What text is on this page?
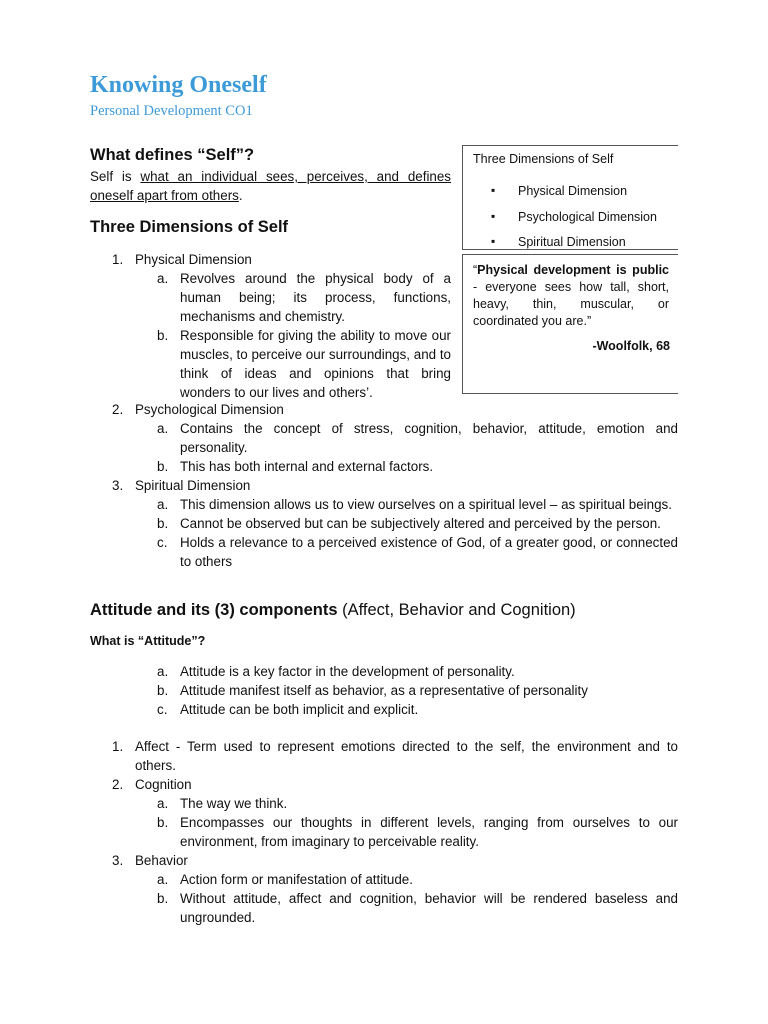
Knowing Oneself
Personal Development CO1
What defines “Self”?
Self is what an individual sees, perceives, and defines oneself apart from others.
Three Dimensions of Self
1. Physical Dimension
a. Revolves around the physical body of a human being; its process, functions, mechanisms and chemistry.
b. Responsible for giving the ability to move our muscles, to perceive our surroundings, and to think of ideas and opinions that bring wonders to our lives and others’.
2. Psychological Dimension
a. Contains the concept of stress, cognition, behavior, attitude, emotion and personality.
b. This has both internal and external factors.
3. Spiritual Dimension
a. This dimension allows us to view ourselves on a spiritual level – as spiritual beings.
b. Cannot be observed but can be subjectively altered and perceived by the person.
c. Holds a relevance to a perceived existence of God, of a greater good, or connected to others
Three Dimensions of Self
▪ Physical Dimension
▪ Psychological Dimension
▪ Spiritual Dimension
“Physical development is public - everyone sees how tall, short, heavy, thin, muscular, or coordinated you are.”
-Woolfolk, 68
Attitude and its (3) components (Affect, Behavior and Cognition)
What is “Attitude”?
a. Attitude is a key factor in the development of personality.
b. Attitude manifest itself as behavior, as a representative of personality
c. Attitude can be both implicit and explicit.
1. Affect - Term used to represent emotions directed to the self, the environment and to others.
2. Cognition
a. The way we think.
b. Encompasses our thoughts in different levels, ranging from ourselves to our environment, from imaginary to perceivable reality.
3. Behavior
a. Action form or manifestation of attitude.
b. Without attitude, affect and cognition, behavior will be rendered baseless and ungrounded.
